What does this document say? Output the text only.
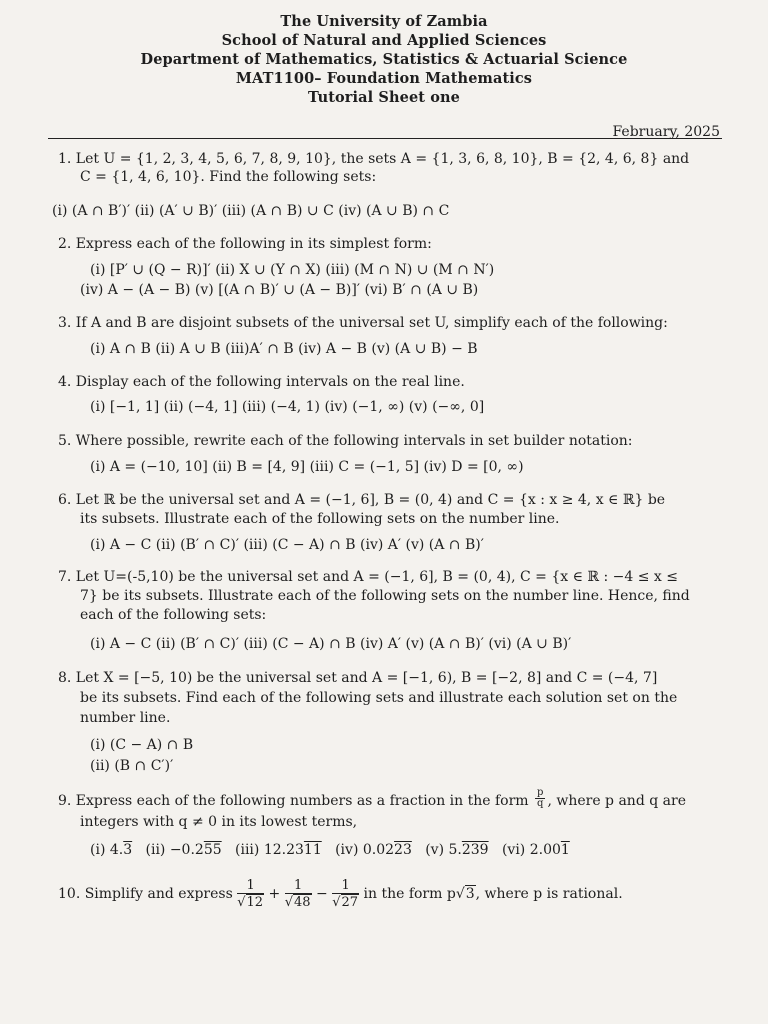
The University of Zambia
School of Natural and Applied Sciences
Department of Mathematics, Statistics & Actuarial Science
MAT1100– Foundation Mathematics
Tutorial Sheet one
February, 2025
1. Let U = {1, 2, 3, 4, 5, 6, 7, 8, 9, 10}, the sets A = {1, 3, 6, 8, 10}, B = {2, 4, 6, 8} and
C = {1, 4, 6, 10}. Find the following sets:
(i) (A ∩ B′)′ (ii) (A′ ∪ B)′ (iii) (A ∩ B) ∪ C (iv) (A ∪ B) ∩ C
2. Express each of the following in its simplest form:
(i) [P′ ∪ (Q − R)]′ (ii) X ∪ (Y ∩ X) (iii) (M ∩ N) ∪ (M ∩ N′)
(iv) A − (A − B) (v) [(A ∩ B)′ ∪ (A − B)]′ (vi) B′ ∩ (A ∪ B)
3. If A and B are disjoint subsets of the universal set U, simplify each of the following:
(i) A ∩ B (ii) A ∪ B (iii)A′ ∩ B (iv) A − B (v) (A ∪ B) − B
4. Display each of the following intervals on the real line.
(i) [−1, 1] (ii) (−4, 1] (iii) (−4, 1) (iv) (−1, ∞) (v) (−∞, 0]
5. Where possible, rewrite each of the following intervals in set builder notation:
(i) A = (−10, 10] (ii) B = [4, 9] (iii) C = (−1, 5] (iv) D = [0, ∞)
6. Let ℝ be the universal set and A = (−1, 6], B = (0, 4) and C = {x : x ≥ 4, x ∈ ℝ} be
its subsets. Illustrate each of the following sets on the number line.
(i) A − C (ii) (B′ ∩ C)′ (iii) (C − A) ∩ B (iv) A′ (v) (A ∩ B)′
7. Let U=(-5,10) be the universal set and A = (−1, 6], B = (0, 4), C = {x ∈ ℝ : −4 ≤ x ≤
7} be its subsets. Illustrate each of the following sets on the number line. Hence, find
each of the following sets:
(i) A − C (ii) (B′ ∩ C)′ (iii) (C − A) ∩ B (iv) A′ (v) (A ∩ B)′ (vi) (A ∪ B)′
8. Let X = [−5, 10) be the universal set and A = [−1, 6), B = [−2, 8] and C = (−4, 7]
be its subsets. Find each of the following sets and illustrate each solution set on the
number line.
(i) (C − A) ∩ B
(ii) (B ∩ C′)′
9. Express each of the following numbers as a fraction in the form $\frac{p}{q}$ , where p and q are
integers with q ≠ 0 in its lowest terms,
(i) 4.3 (ii) −0.255 (iii) 12.2311 (iv) 0.0223 (v) 5.239 (vi) 2.001
10. Simplify and express $\frac{1}{√12} + \frac{1}{√48} - \frac{1}{√27}$ in the form p√3, where p is rational.
